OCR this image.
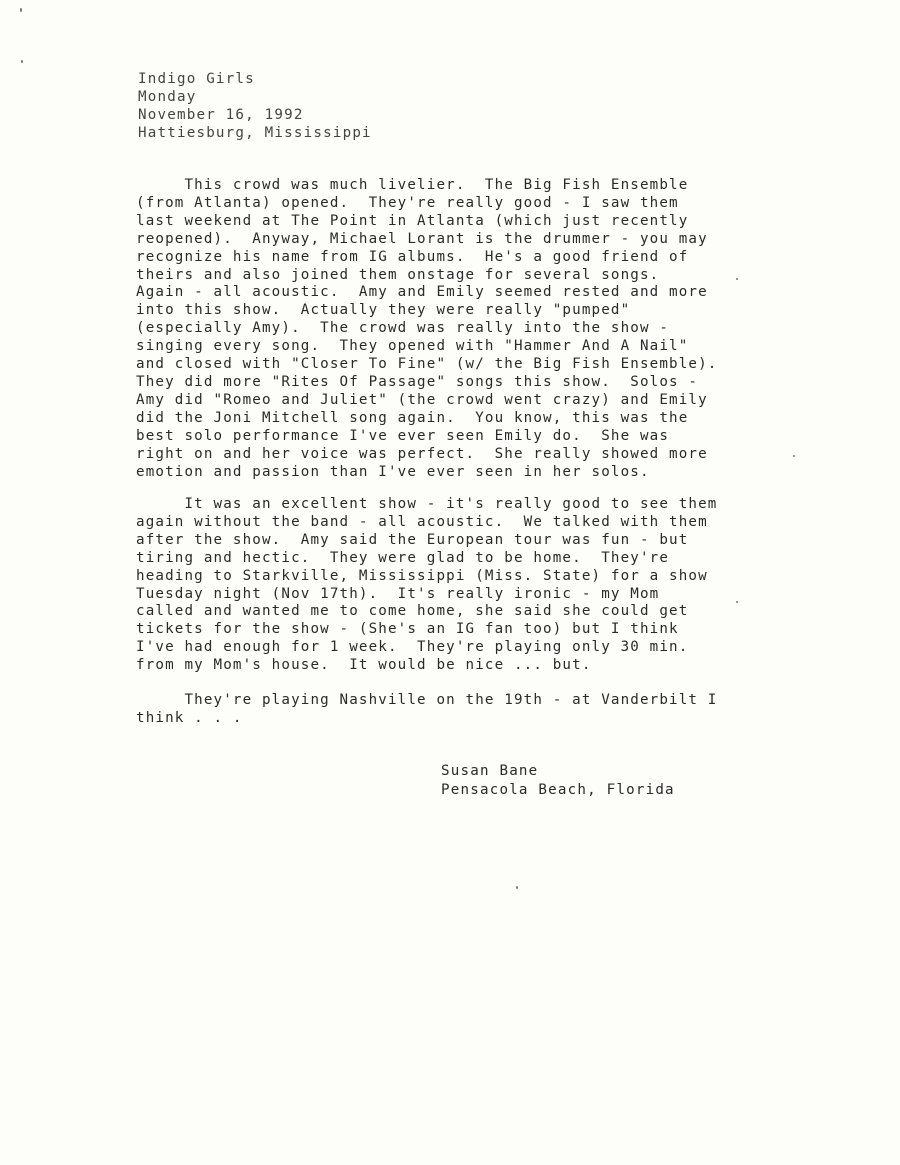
Indigo Girls
Monday
November 16, 1992
Hattiesburg, Mississippi
This crowd was much livelier.  The Big Fish Ensemble
(from Atlanta) opened.  They're really good - I saw them
last weekend at The Point in Atlanta (which just recently
reopened).  Anyway, Michael Lorant is the drummer - you may
recognize his name from IG albums.  He's a good friend of
theirs and also joined them onstage for several songs.
Again - all acoustic.  Amy and Emily seemed rested and more
into this show.  Actually they were really "pumped"
(especially Amy).  The crowd was really into the show -
singing every song.  They opened with "Hammer And A Nail"
and closed with "Closer To Fine" (w/ the Big Fish Ensemble).
They did more "Rites Of Passage" songs this show.  Solos -
Amy did "Romeo and Juliet" (the crowd went crazy) and Emily
did the Joni Mitchell song again.  You know, this was the
best solo performance I've ever seen Emily do.  She was
right on and her voice was perfect.  She really showed more
emotion and passion than I've ever seen in her solos.
It was an excellent show - it's really good to see them
again without the band - all acoustic.  We talked with them
after the show.  Amy said the European tour was fun - but
tiring and hectic.  They were glad to be home.  They're
heading to Starkville, Mississippi (Miss. State) for a show
Tuesday night (Nov 17th).  It's really ironic - my Mom
called and wanted me to come home, she said she could get
tickets for the show - (She's an IG fan too) but I think
I've had enough for 1 week.  They're playing only 30 min.
from my Mom's house.  It would be nice ... but.
They're playing Nashville on the 19th - at Vanderbilt I
think . . .
Susan Bane
Pensacola Beach, Florida
